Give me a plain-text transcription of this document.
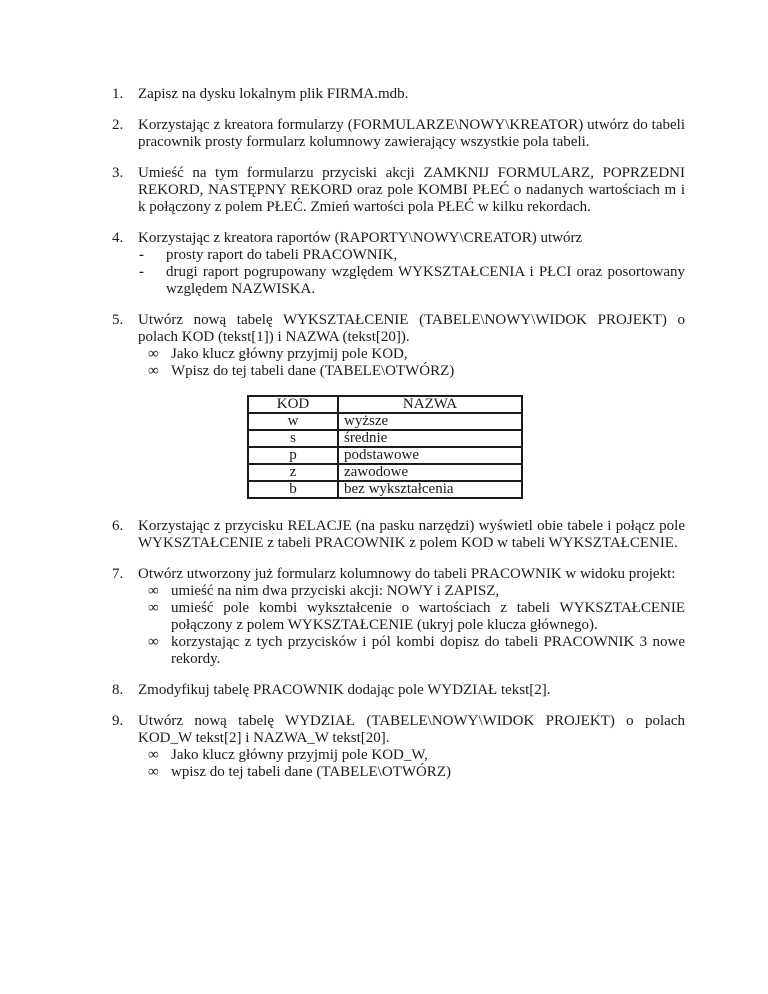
1. Zapisz na dysku lokalnym plik FIRMA.mdb.

2. Korzystając z kreatora formularzy (FORMULARZE\NOWY\KREATOR) utwórz do tabeli pracownik prosty formularz kolumnowy zawierający wszystkie pola tabeli.

3. Umieść na tym formularzu przyciski akcji ZAMKNIJ FORMULARZ, POPRZEDNI REKORD, NASTĘPNY REKORD oraz pole KOMBI PŁEĆ o nadanych wartościach m i k połączony z polem PŁEĆ. Zmień wartości pola PŁEĆ w kilku rekordach.

4. Korzystając z kreatora raportów (RAPORTY\NOWY\CREATOR) utwórz

-	prosty raport do tabeli PRACOWNIK,

-	drugi raport pogrupowany względem WYKSZTAŁCENIA i PŁCI oraz posortowany względem NAZWISKA.

5. Utwórz nową tabelę WYKSZTAŁCENIE (TABELE\NOWY\WIDOK PROJEKT) o polach KOD (tekst[1]) i NAZWA (tekst[20]).

∞ Jako klucz główny przyjmij pole KOD,

∞ Wpisz do tej tabeli dane (TABELE\OTWÓRZ)

KOD	NAZWA
w	wyższe
s	średnie
p	podstawowe
z	zawodowe
b	bez wykształcenia
6. Korzystając z przycisku RELACJE (na pasku narzędzi) wyświetl obie tabele i połącz pole WYKSZTAŁCENIE z tabeli PRACOWNIK z polem KOD w tabeli WYKSZTAŁCENIE.

7. Otwórz utworzony już formularz kolumnowy do tabeli PRACOWNIK w widoku projekt:

∞ umieść na nim dwa przyciski akcji: NOWY i ZAPISZ,

∞ umieść pole kombi wykształcenie o wartościach z tabeli WYKSZTAŁCENIE połączony z polem WYKSZTAŁCENIE (ukryj pole klucza głównego).

∞ korzystając z tych przycisków i pól kombi dopisz do tabeli PRACOWNIK 3 nowe rekordy.

8. Zmodyfikuj tabelę PRACOWNIK dodając pole WYDZIAŁ tekst[2].

9. Utwórz nową tabelę WYDZIAŁ (TABELE\NOWY\WIDOK PROJEKT) o polach KOD_W tekst[2] i NAZWA_W tekst[20].

∞ Jako klucz główny przyjmij pole KOD_W,

∞ wpisz do tej tabeli dane (TABELE\OTWÓRZ)
